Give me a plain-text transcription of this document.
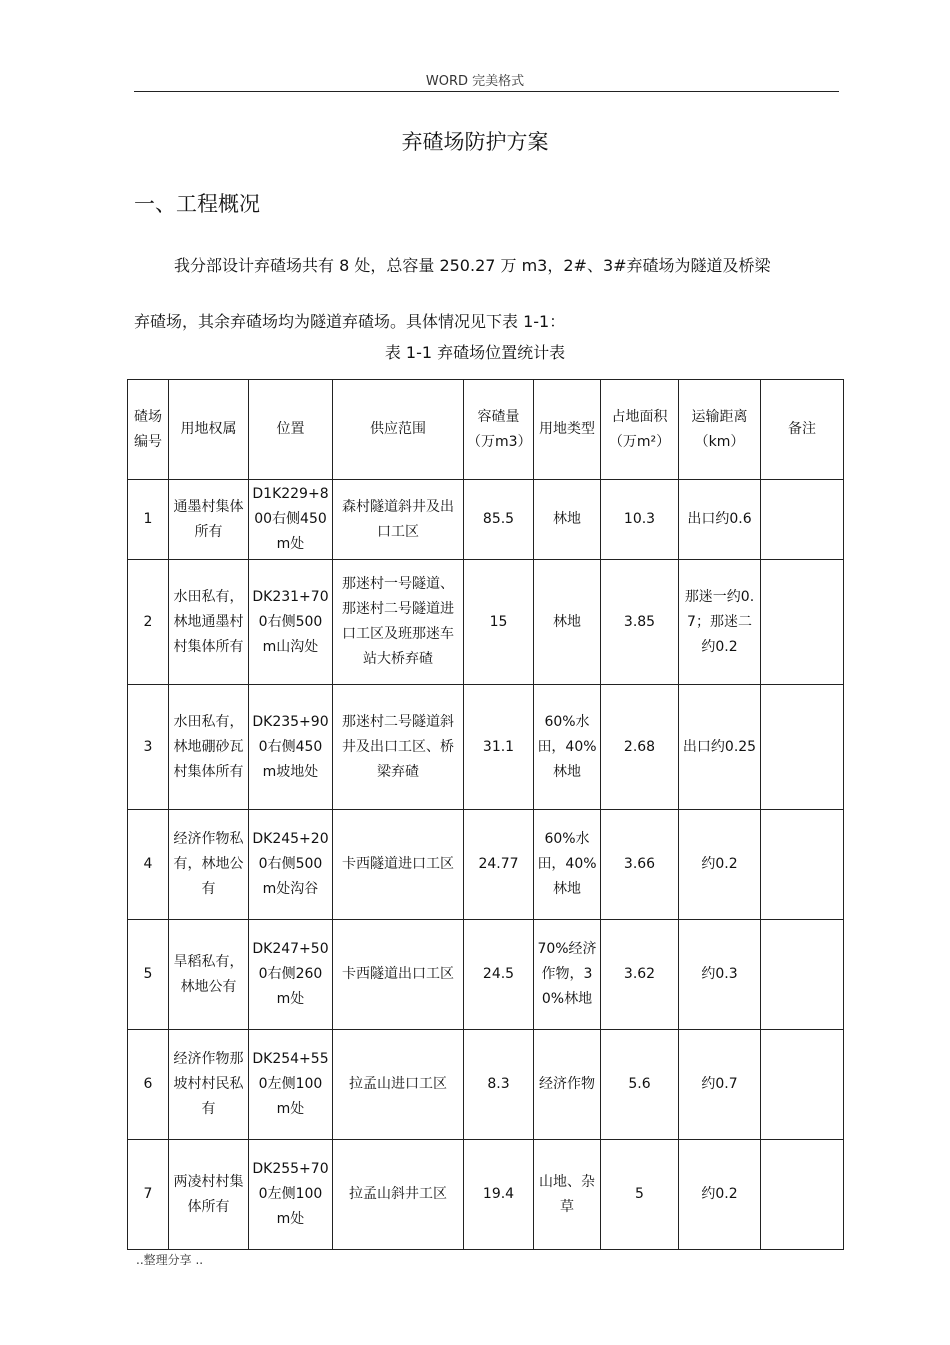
WORD 完美格式
弃碴场防护方案
一、工程概况
我分部设计弃碴场共有 8 处，总容量 250.27 万 m3，2#、3#弃碴场为隧道及桥梁
弃碴场，其余弃碴场均为隧道弃碴场。具体情况见下表 1-1：
表 1-1 弃碴场位置统计表
碴场编号	用地权属	位置	供应范围	容碴量（万m3）	用地类型	占地面积（万m²）	运输距离（km）	备注
1	通墨村集体所有	D1K229+800右侧450m处	森村隧道斜井及出口工区	85.5	林地	10.3	出口约0.6	
2	水田私有，林地通墨村村集体所有	DK231+700右侧500m山沟处	那迷村一号隧道、那迷村二号隧道进口工区及班那迷车站大桥弃碴	15	林地	3.85	那迷一约0.7；那迷二约0.2	
3	水田私有，林地硼砂瓦村集体所有	DK235+900右侧450m坡地处	那迷村二号隧道斜井及出口工区、桥梁弃碴	31.1	60%水田，40%林地	2.68	出口约0.25	
4	经济作物私有，林地公有	DK245+200右侧500m处沟谷	卡西隧道进口工区	24.77	60%水田，40%林地	3.66	约0.2	
5	旱稻私有，林地公有	DK247+500右侧260m处	卡西隧道出口工区	24.5	70%经济作物，30%林地	3.62	约0.3	
6	经济作物那坡村村民私有	DK254+550左侧100m处	拉孟山进口工区	8.3	经济作物	5.6	约0.7	
7	两凌村村集体所有	DK255+700左侧100m处	拉孟山斜井工区	19.4	山地、杂草	5	约0.2	
..整理分享 ..
